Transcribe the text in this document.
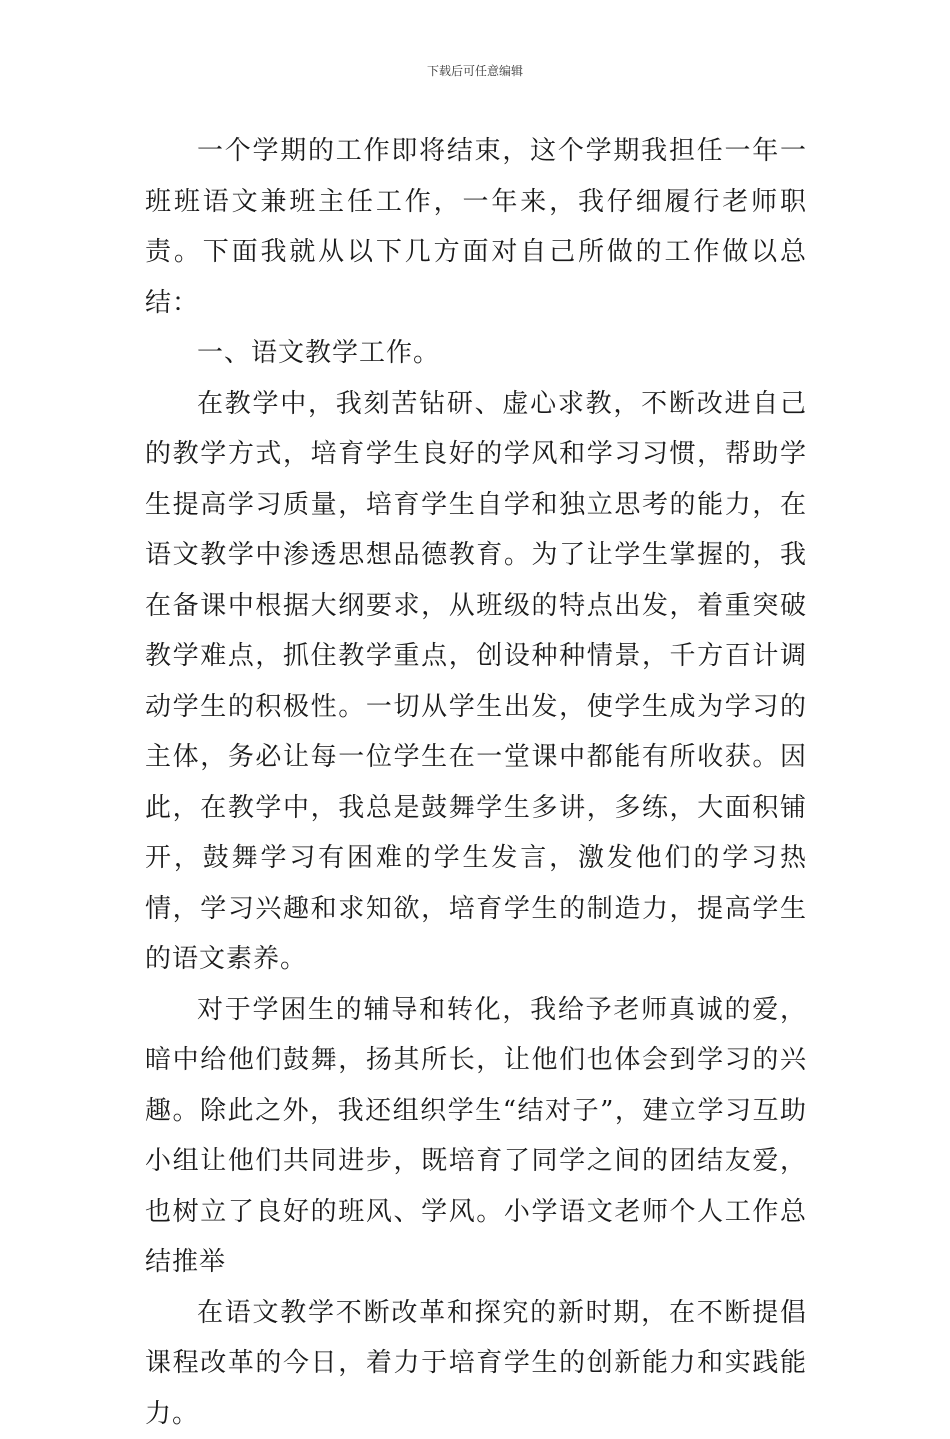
下载后可任意编辑

一个学期的工作即将结束，这个学期我担任一年一班班语文兼班主任工作，一年来，我仔细履行老师职责。下面我就从以下几方面对自己所做的工作做以总结：

一、语文教学工作。

在教学中，我刻苦钻研、虚心求教，不断改进自己的教学方式，培育学生良好的学风和学习习惯，帮助学生提高学习质量，培育学生自学和独立思考的能力，在语文教学中渗透思想品德教育。为了让学生掌握的，我在备课中根据大纲要求，从班级的特点出发，着重突破教学难点，抓住教学重点，创设种种情景，千方百计调动学生的积极性。一切从学生出发，使学生成为学习的主体，务必让每一位学生在一堂课中都能有所收获。因此，在教学中，我总是鼓舞学生多讲，多练，大面积铺开，鼓舞学习有困难的学生发言，激发他们的学习热情，学习兴趣和求知欲，培育学生的制造力，提高学生的语文素养。

对于学困生的辅导和转化，我给予老师真诚的爱，暗中给他们鼓舞，扬其所长，让他们也体会到学习的兴趣。除此之外，我还组织学生“结对子”，建立学习互助小组让他们共同进步，既培育了同学之间的团结友爱，也树立了良好的班风、学风。小学语文老师个人工作总结推举

在语文教学不断改革和探究的新时期，在不断提倡课程改革的今日，着力于培育学生的创新能力和实践能力。
